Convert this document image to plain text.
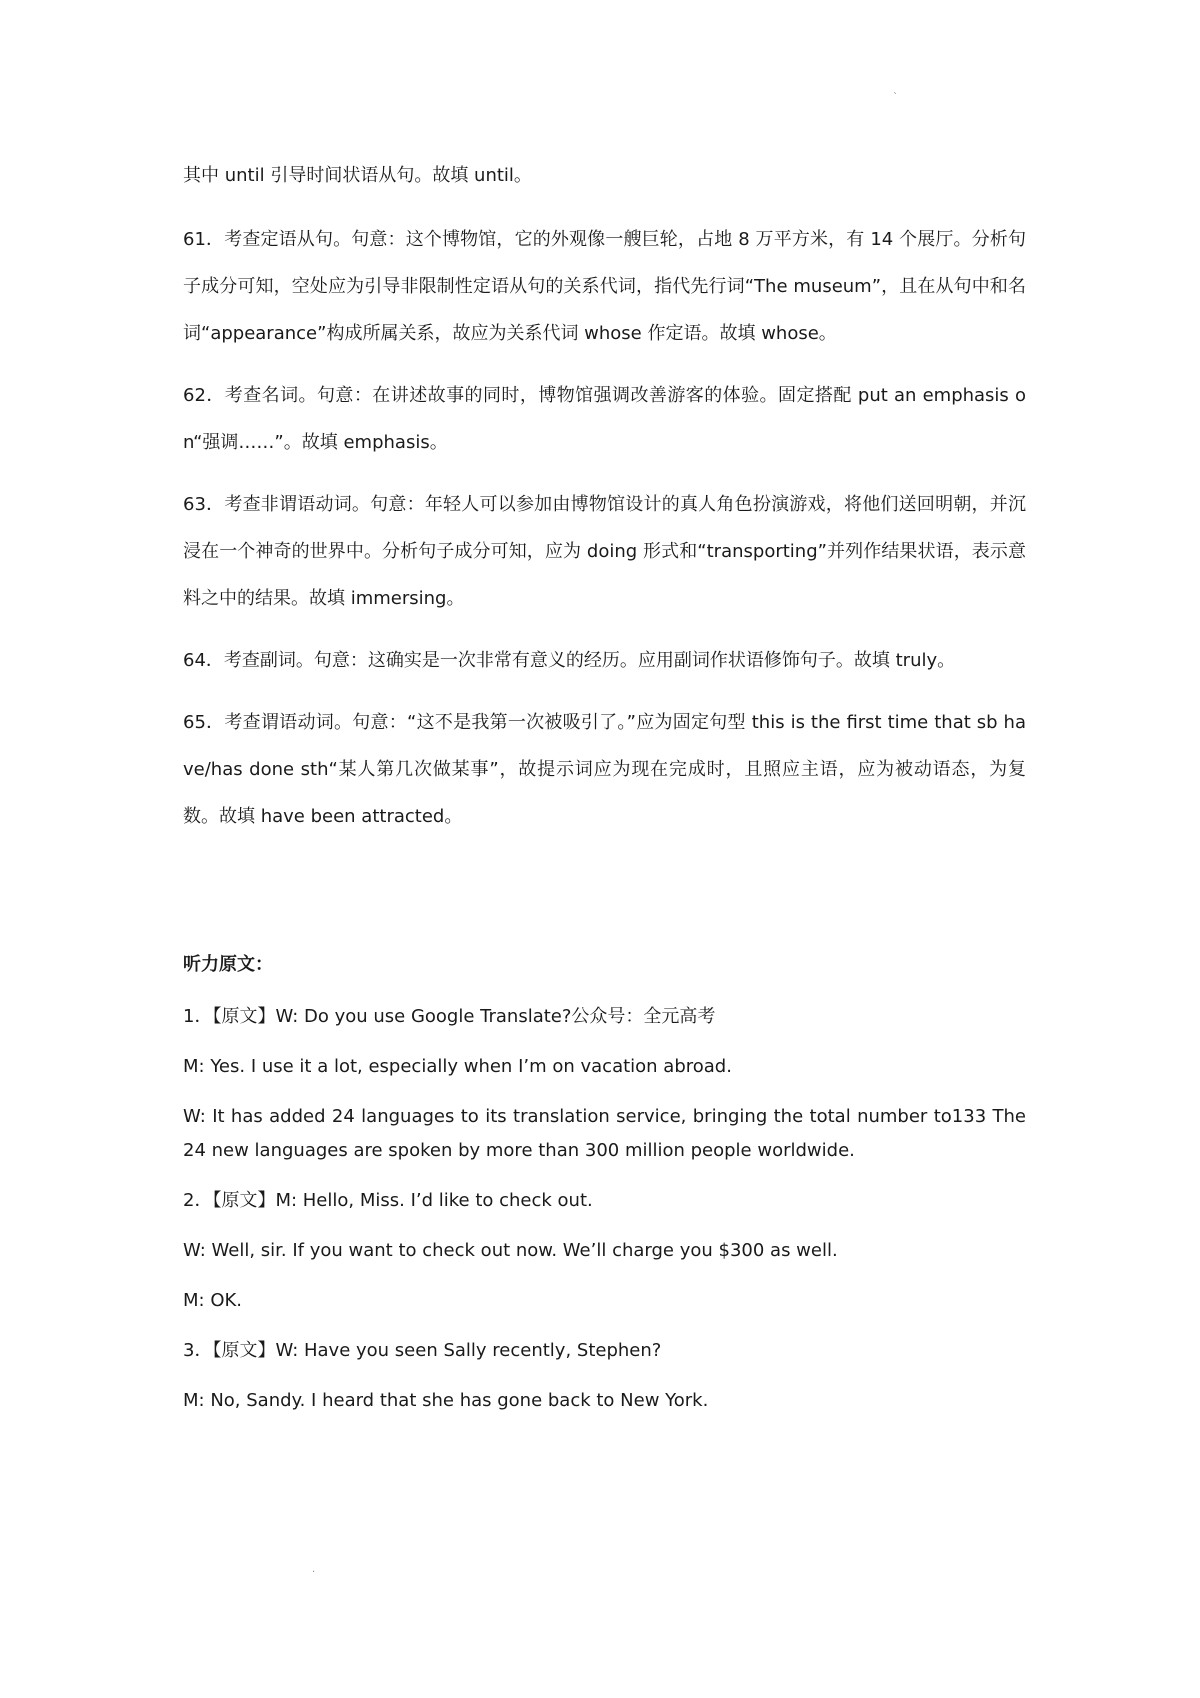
`

其中 until 引导时间状语从句。故填 until。

61．考查定语从句。句意：这个博物馆，它的外观像一艘巨轮，占地 8 万平方米，有 14 个展厅。分析句子成分可知，空处应为引导非限制性定语从句的关系代词，指代先行词“The museum”，且在从句中和名词“appearance”构成所属关系，故应为关系代词 whose 作定语。故填 whose。

62．考查名词。句意：在讲述故事的同时，博物馆强调改善游客的体验。固定搭配 put an emphasis on“强调……”。故填 emphasis。

63．考查非谓语动词。句意：年轻人可以参加由博物馆设计的真人角色扮演游戏，将他们送回明朝，并沉浸在一个神奇的世界中。分析句子成分可知，应为 doing 形式和“transporting”并列作结果状语，表示意料之中的结果。故填 immersing。

64．考查副词。句意：这确实是一次非常有意义的经历。应用副词作状语修饰句子。故填 truly。

65．考查谓语动词。句意：“这不是我第一次被吸引了。”应为固定句型 this is the first time that sb have/has done sth“某人第几次做某事”，故提示词应为现在完成时，且照应主语，应为被动语态，为复数。故填 have been attracted。

听力原文：

1．【原文】W: Do you use Google Translate?公众号：全元高考

M: Yes. I use it a lot, especially when I’m on vacation abroad.

W: It has added 24 languages to its translation service, bringing the total number to133 The 24 new languages are spoken by more than 300 million people worldwide.

2．【原文】M: Hello, Miss. I’d like to check out.

W: Well, sir. If you want to check out now. We’ll charge you $300 as well.

M: OK.

3．【原文】W: Have you seen Sally recently, Stephen?

M: No, Sandy. I heard that she has gone back to New York.

.
